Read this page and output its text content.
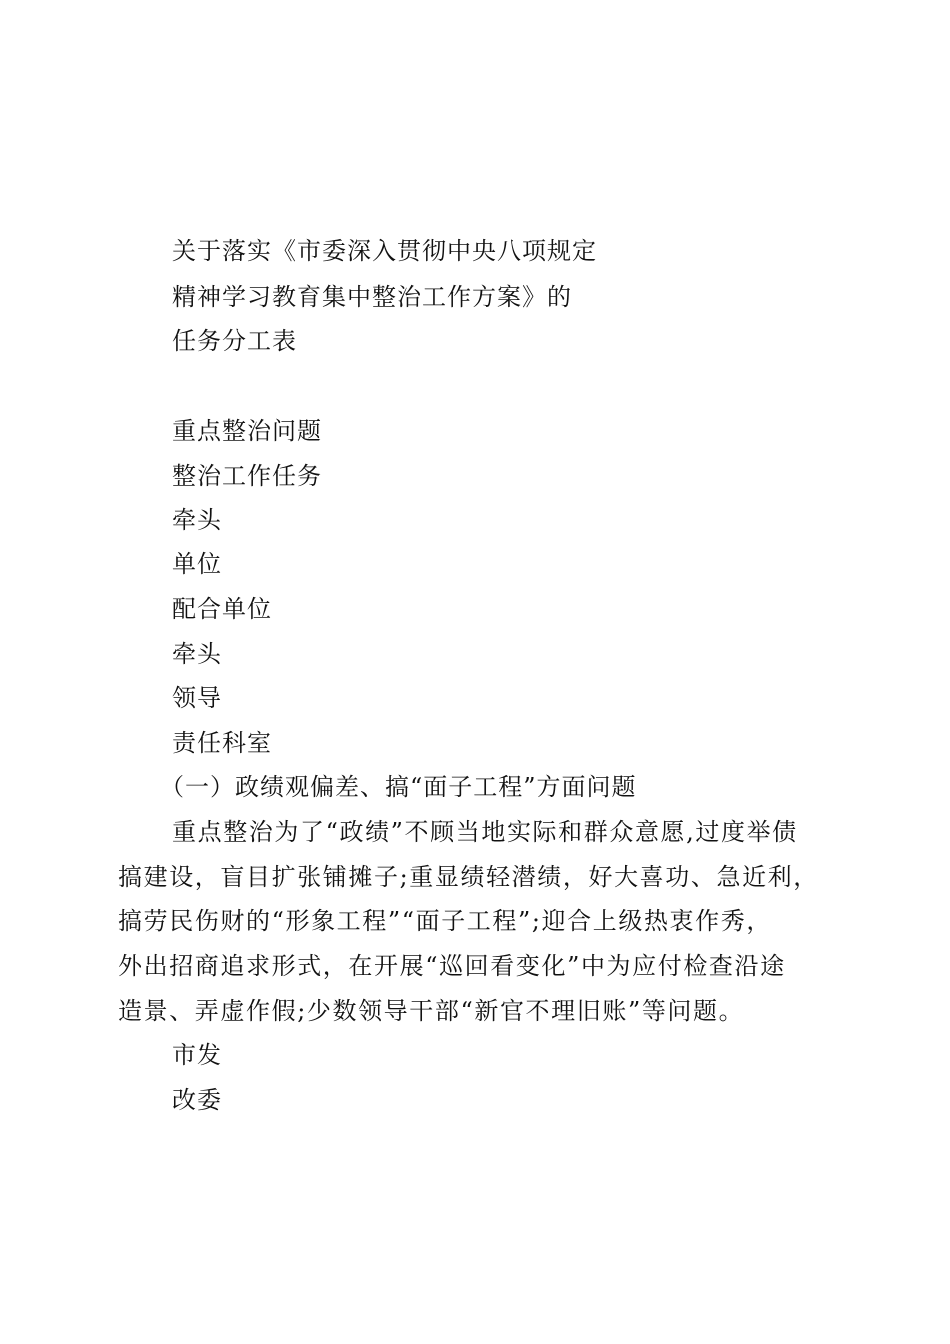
关于落实《市委深入贯彻中央八项规定
精神学习教育集中整治工作方案》的
任务分工表
重点整治问题
整治工作任务
牵头
单位
配合单位
牵头
领导
责任科室
（一）政绩观偏差、搞“面子工程”方面问题
重点整治为了“政绩”不顾当地实际和群众意愿,过度举债
搞建设，盲目扩张铺摊子;重显绩轻潜绩，好大喜功、急近利，
搞劳民伤财的“形象工程”“面子工程”;迎合上级热衷作秀，
外出招商追求形式，在开展“巡回看变化”中为应付检查沿途
造景、弄虚作假;少数领导干部“新官不理旧账”等问题。
市发
改委
